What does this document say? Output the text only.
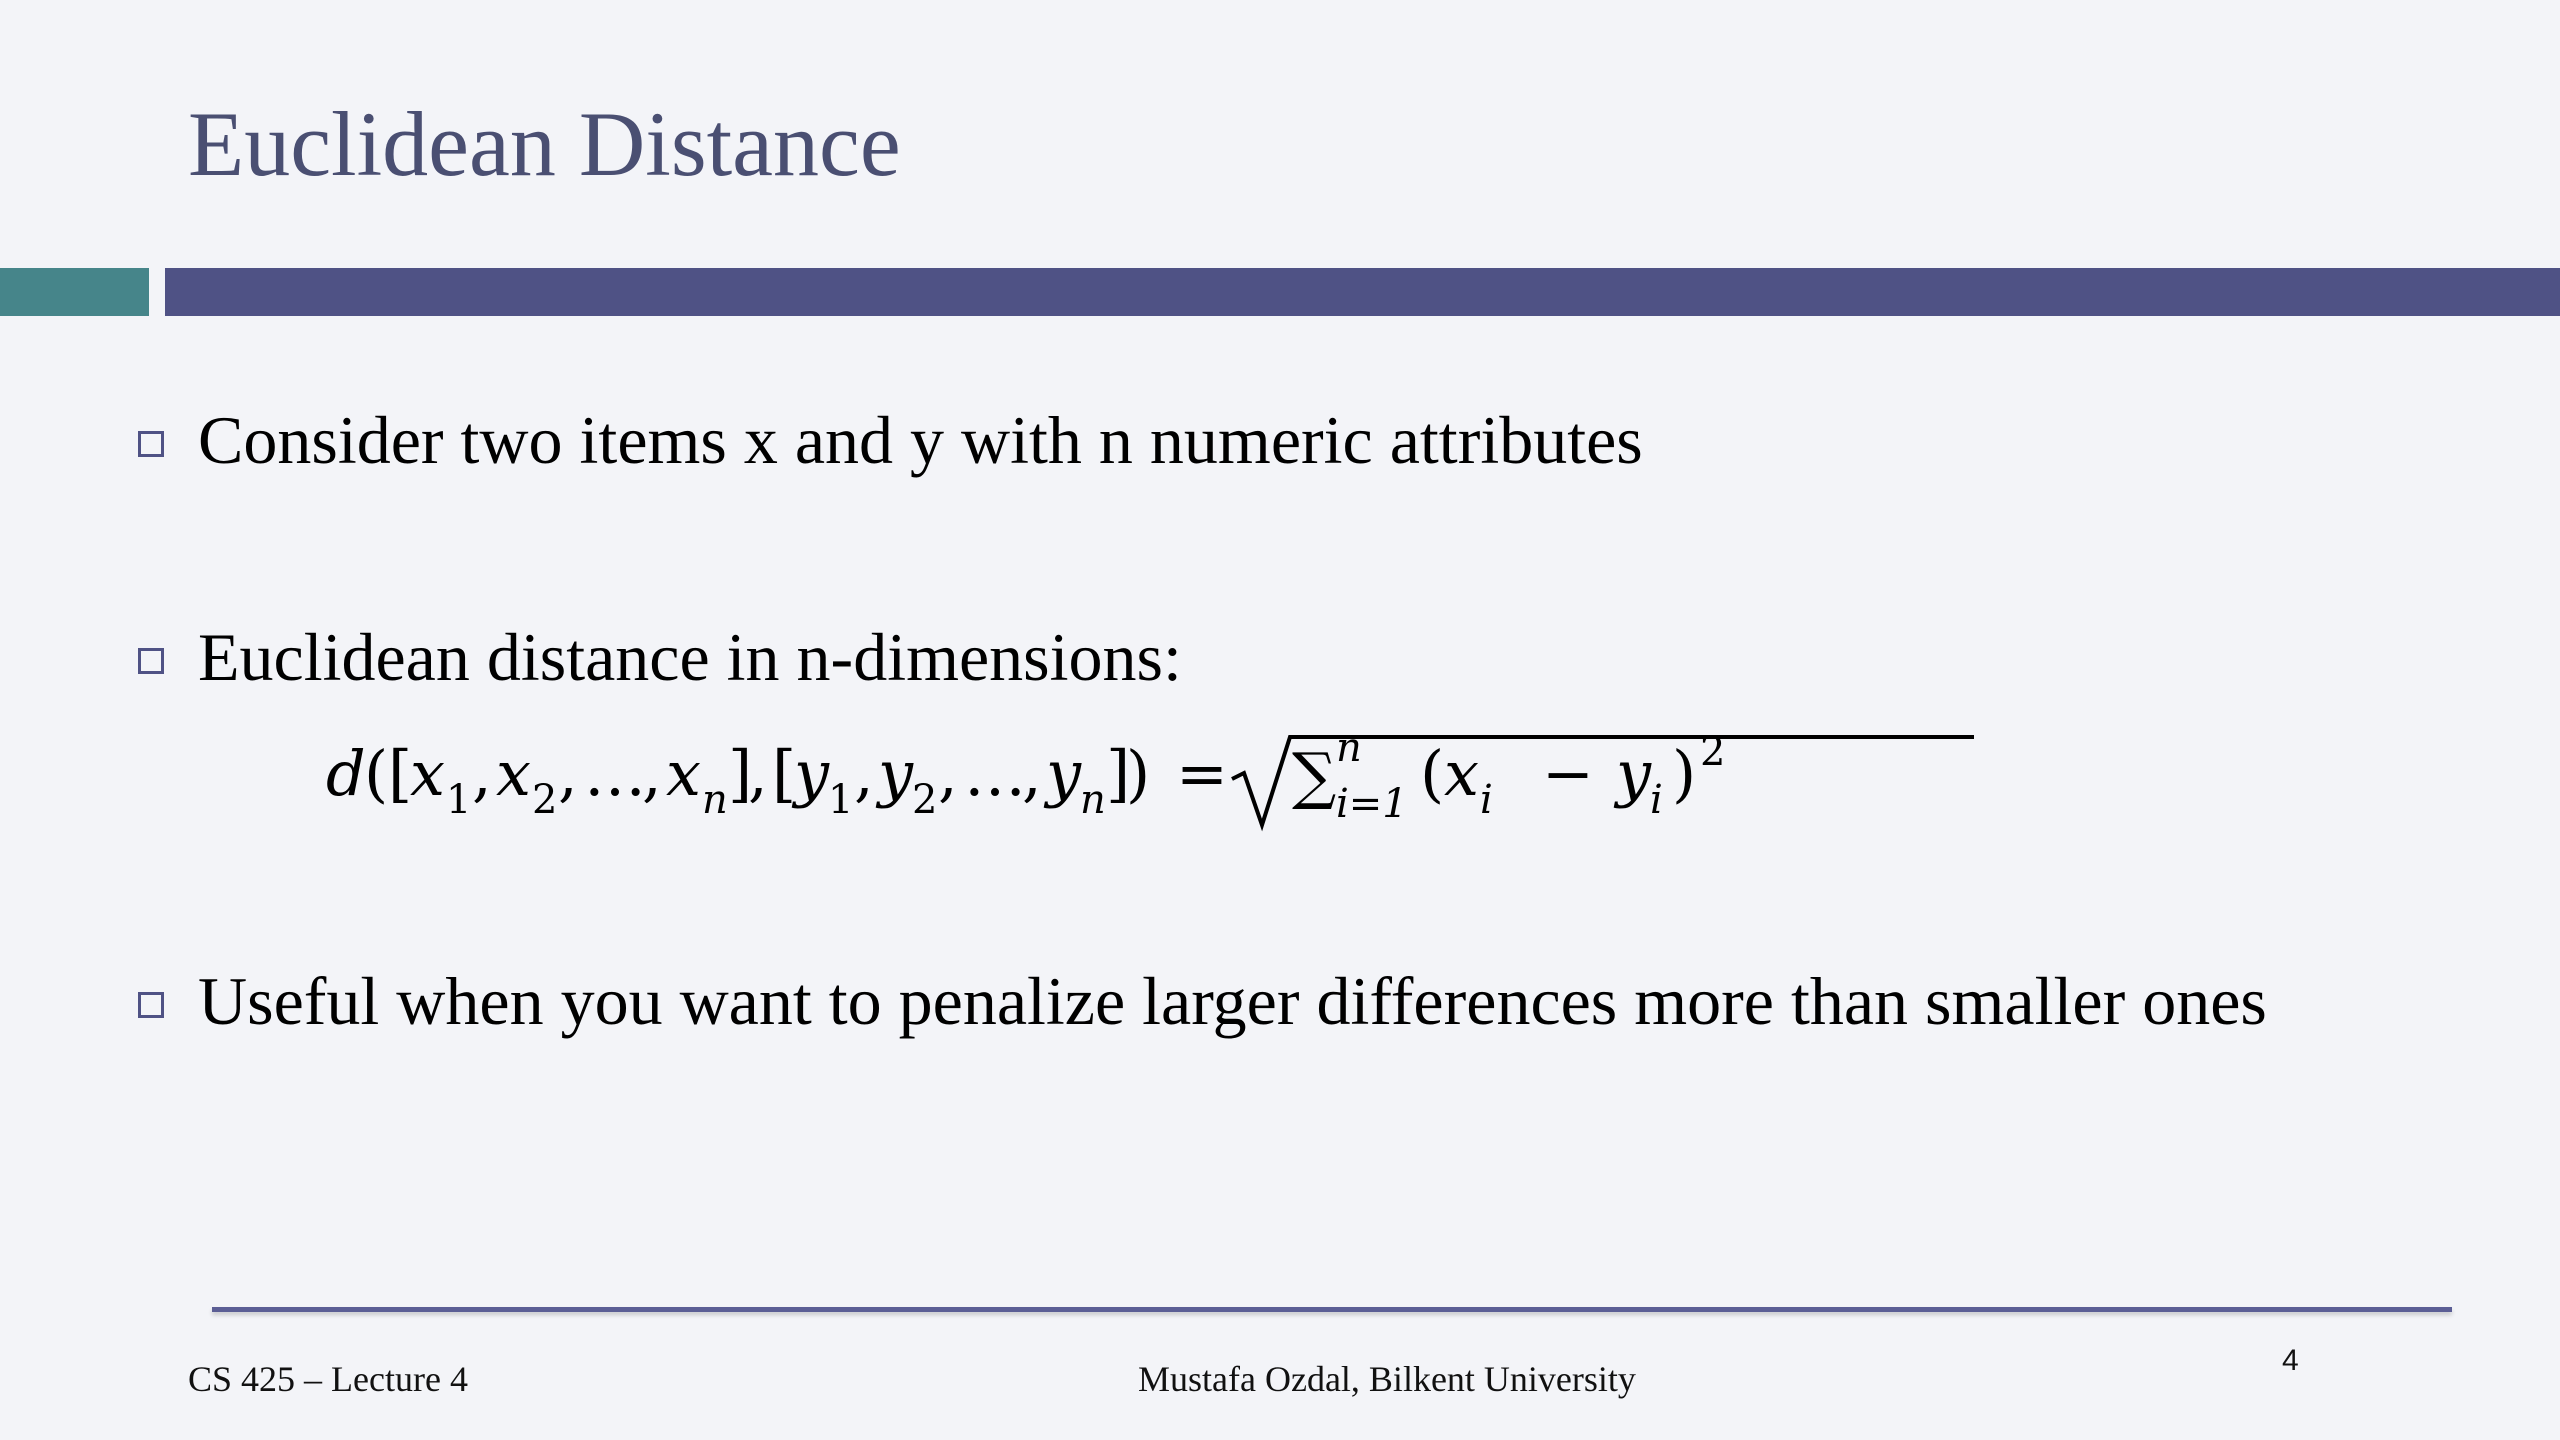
Euclidean Distance
Consider two items x and y with n numeric attributes
Euclidean distance in n-dimensions:
d
( [
x 1 , x 2 , …
, x n ]
, [
y
1 , y
2 , …
, y
n ]
) = ∑ n
i=1 ( x i − y
i ) 2
Useful when you want to penalize larger differences more than smaller ones
CS 425 – Lecture 4	Mustafa Ozdal, Bilkent University	4
